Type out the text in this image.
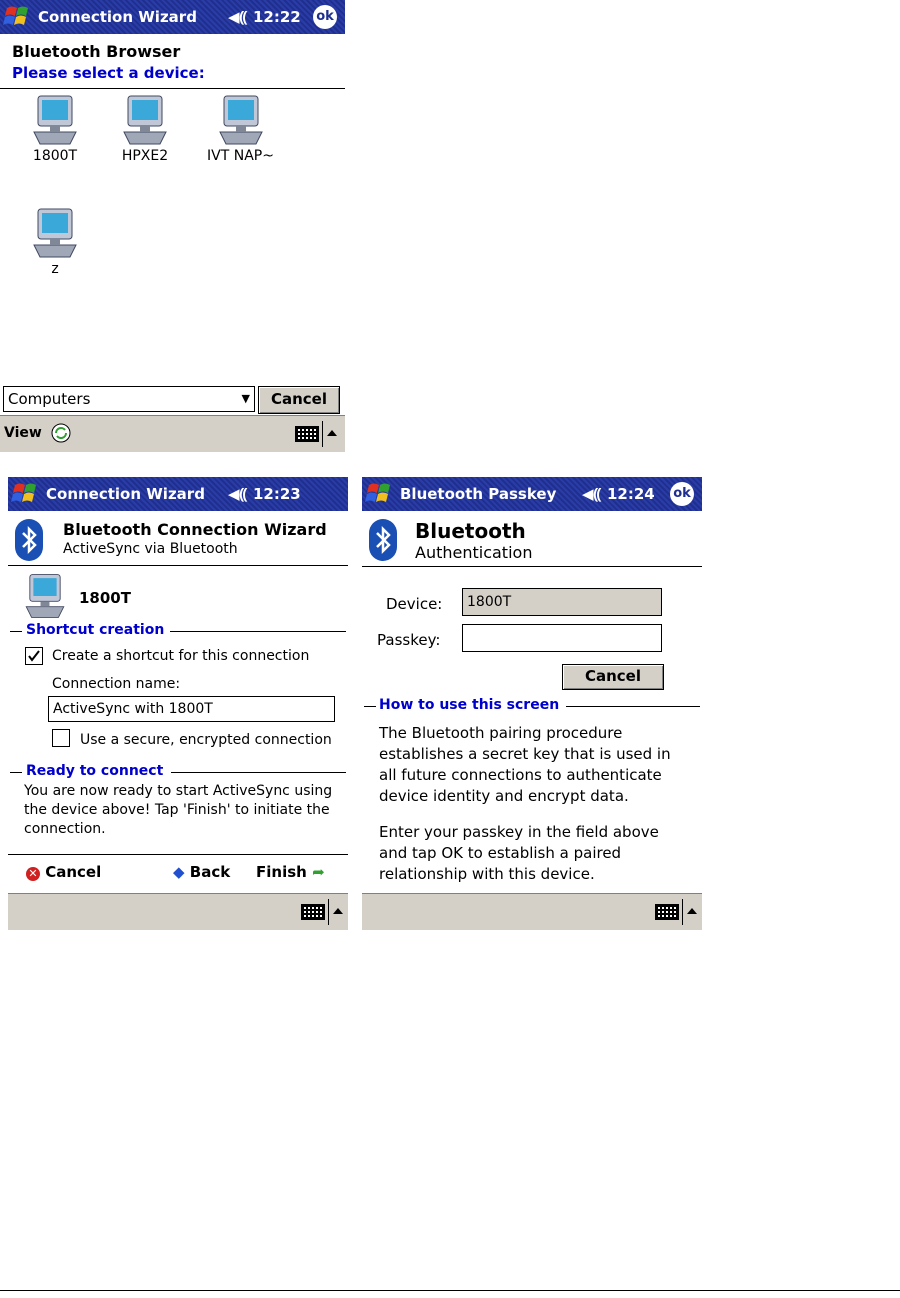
Connection Wizard ◀︎⸨ 12:22 ok
Bluetooth Browser
Please select a device:
1800T	HPXE2	IVT NAP~
z
Computers	▼	Cancel
View
Connection Wizard ◀︎⸨ 12:23
Bluetooth Connection Wizard
ActiveSync via Bluetooth
1800T
Shortcut creation
Create a shortcut for this connection
Connection name:
ActiveSync with 1800T
Use a secure, encrypted connection
Ready to connect
You are now ready to start ActiveSync using the device above! Tap 'Finish' to initiate the connection.
✕ Cancel	◆ Back Finish ➦
Bluetooth Passkey ◀︎⸨ 12:24 ok
Bluetooth
Authentication
Device:	1800T
Passkey:
Cancel
How to use this screen
The Bluetooth pairing procedure establishes a secret key that is used in all future connections to authenticate device identity and encrypt data.
Enter your passkey in the field above and tap OK to establish a paired relationship with this device.
